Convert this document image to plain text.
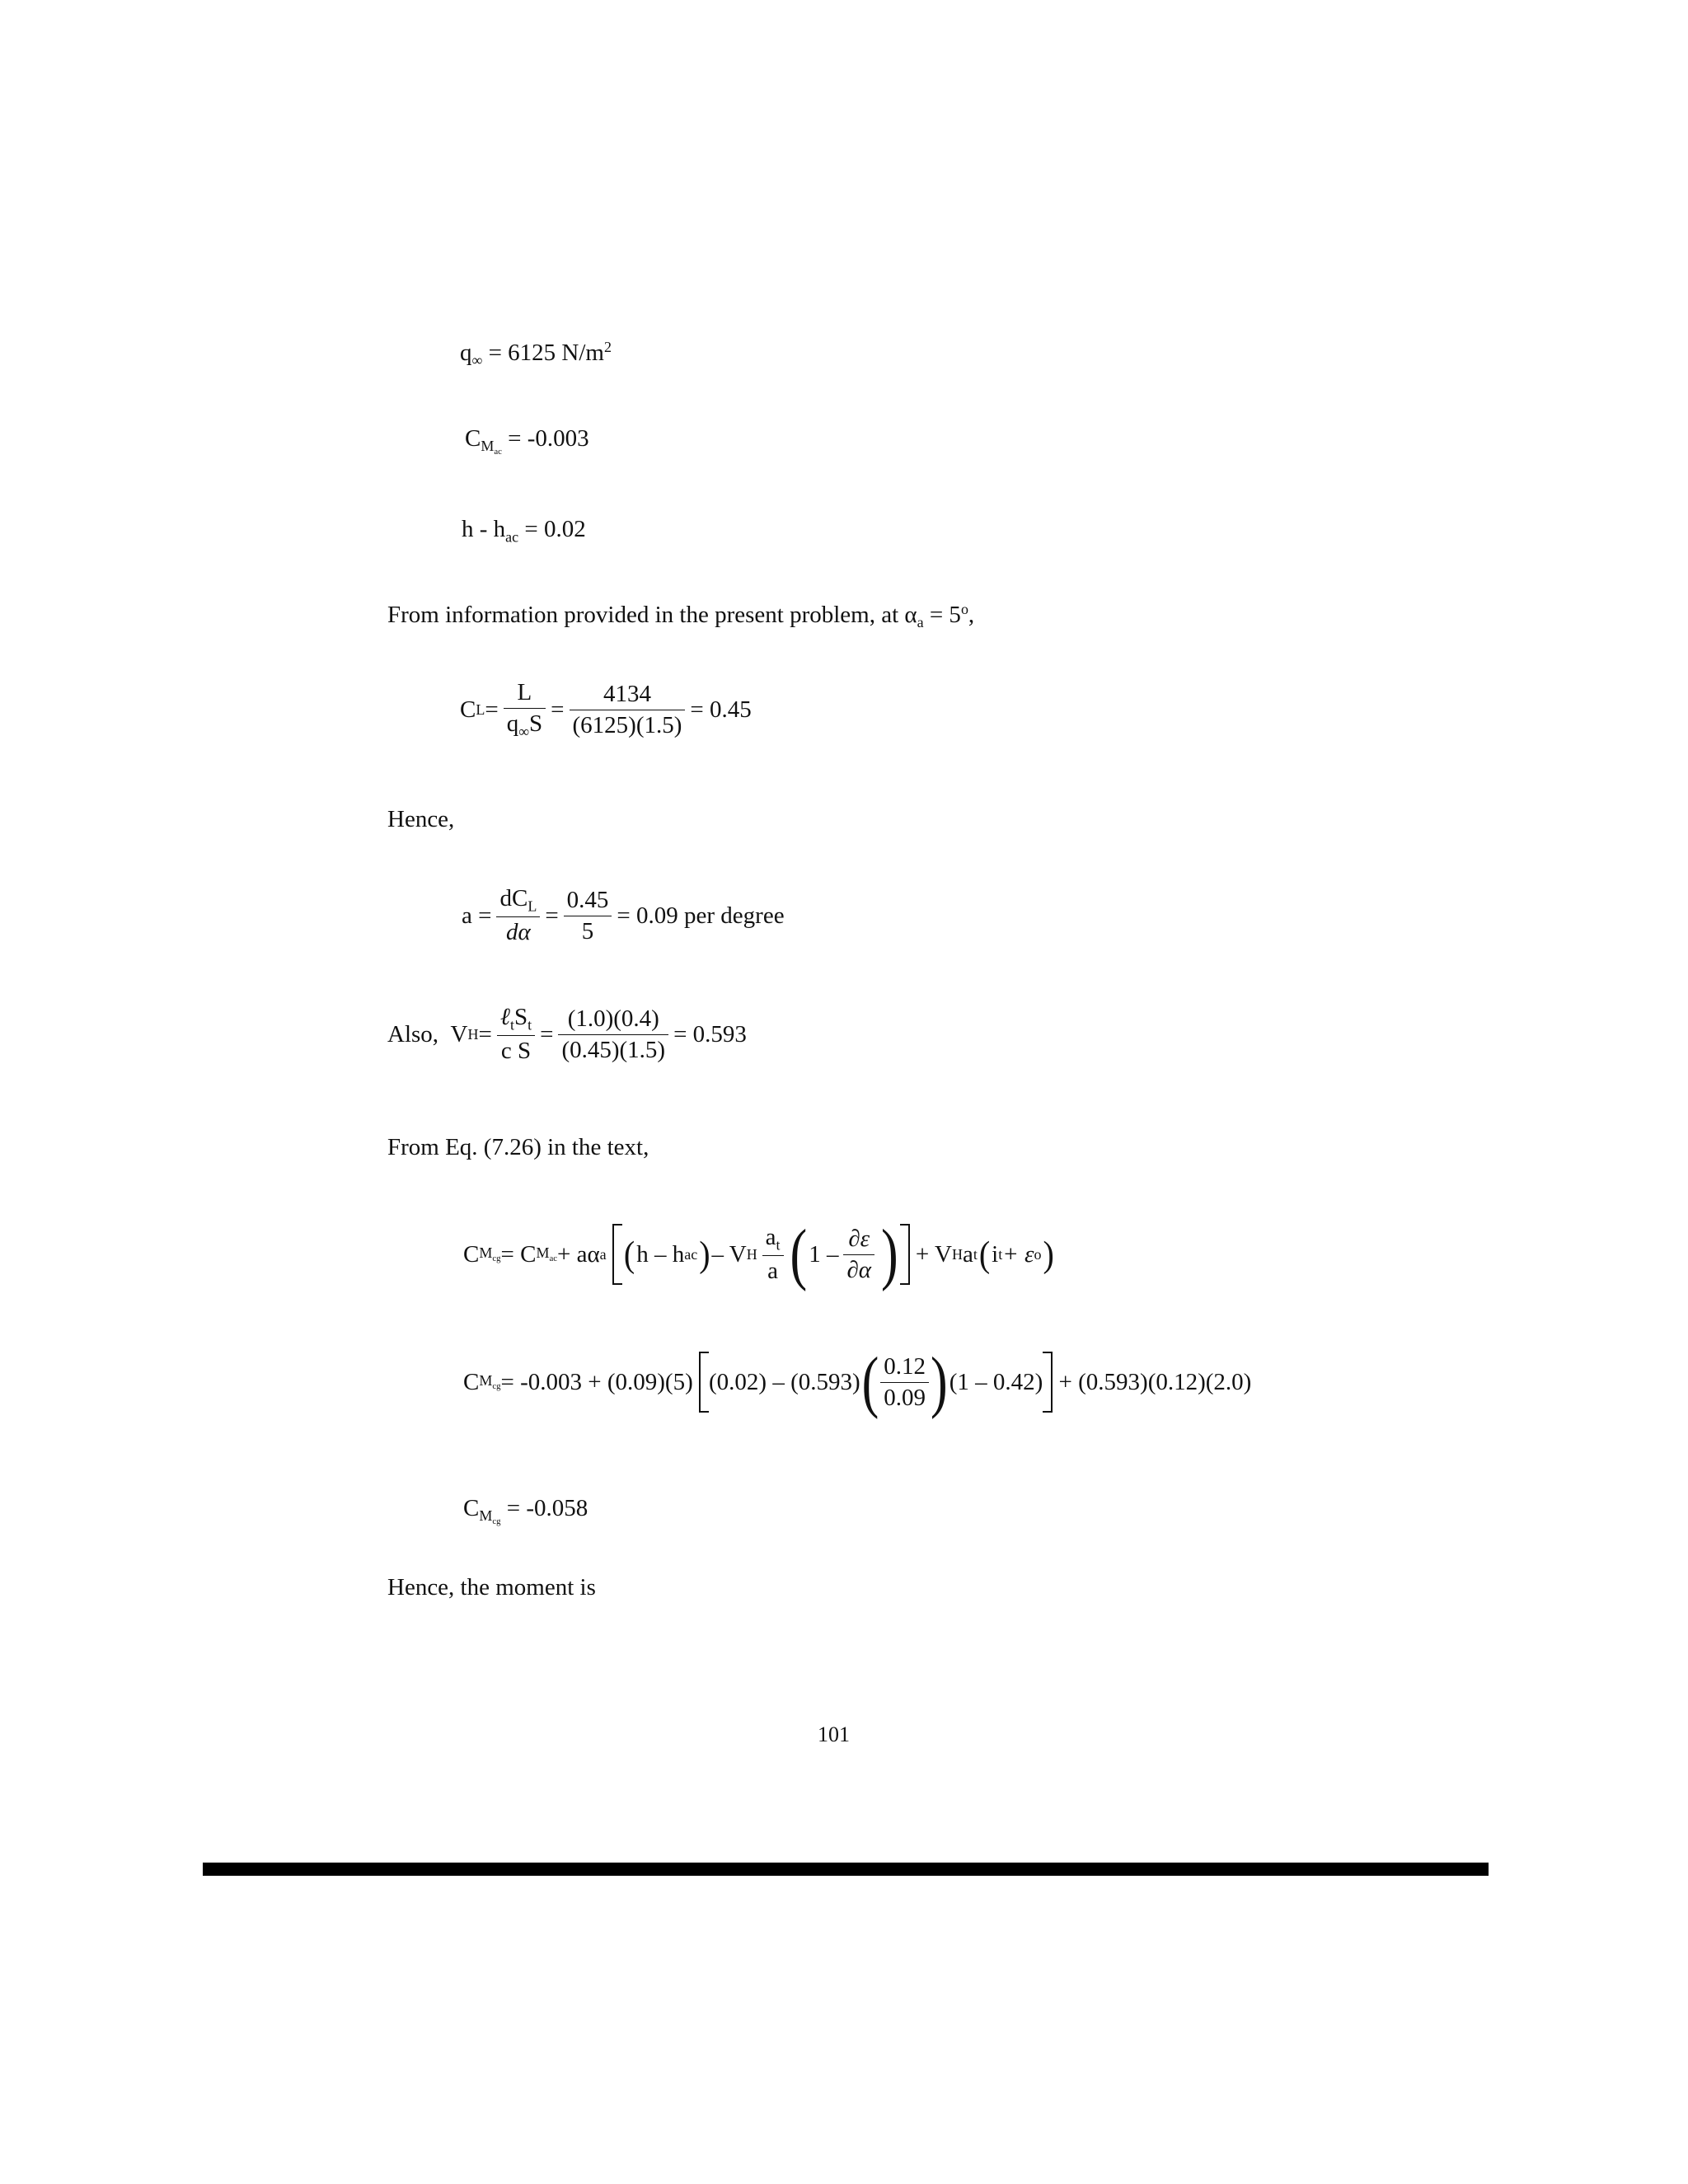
$q_\infty = 6125$ $N/m^2$
$C_{M_{ac}} = -0.003$
$h - h_{ac} = 0.02$
From information provided in the present problem, at $\alpha_a = 5^o$,
C $L = \frac{L}{q_\infty S} = \frac{4134}{(6125)(1.5)} = 0.45$
Hence,
$a = \frac{dC_L}{d\alpha} = \frac{0.45}{5} = 0.09$ per degree
Also,
V $H = \frac{\ell_tS_t}{\text{c S}} = \frac{(1.0)(0.4)}{(0.45)(1.5)} = 0.593$
From Eq. (7.26) in the text,
C $M_{cg} = C$ $M_{ac} + a\alpha$ a
( h – h ac ) – V H $\frac{a_t}{a}$ ( $1 - \frac{\partial\varepsilon}{\partial\alpha}$ )
+ V H a t ( i t + ε o )
C $M_{cg} = -0.003 + (0.09)(5)$
(0.02) – (0.593) ( $\frac{0.12}{0.09}$ ) (1 – 0.42)
+ (0.593)(0.12)(2.0)
$C_{M_{cg}} = -0.058$
Hence, the moment is
101
